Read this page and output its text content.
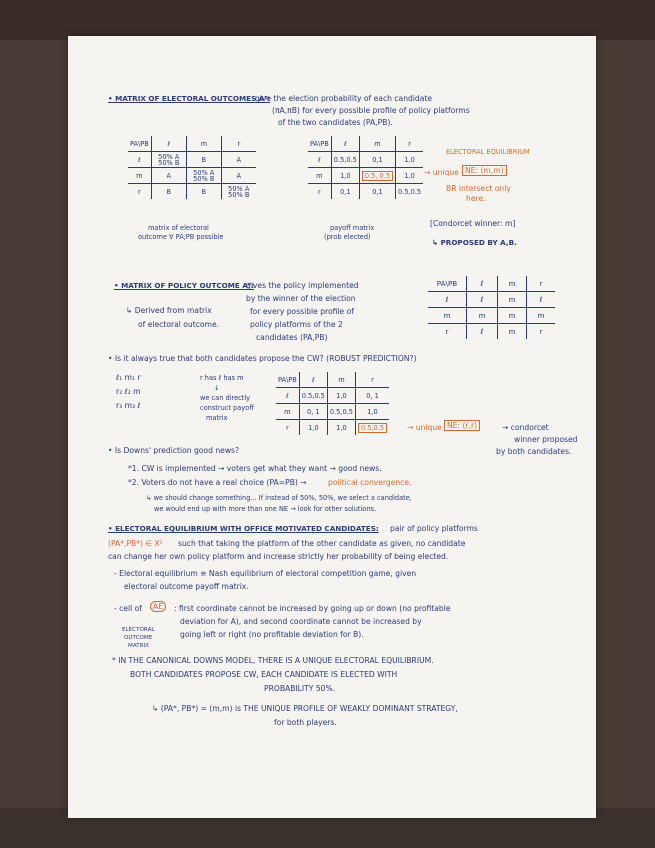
• MATRIX OF ELECTORAL OUTCOMES Aᴱ:
give the election probability of each candidate
(πA,πB) for every possible profile of policy platforms
of the two candidates (PA,PB).
PA\PB	ℓ	m	r
ℓ	50% A 50% B	B	A
m	A	50% A 50% B	A
r	B	B	50% A 50% B
matrix of electoral
outcome ∀ PA,PB possible
PA\PB	ℓ	m	r
ℓ	0.5,0.5	0,1	1,0
m	1,0	0.5, 0.5	1,0
r	0,1	0,1	0.5,0.5
payoff matrix
(prob elected)
ELECTORAL EQUILIBRIUM
→ unique NE: (m,m)
BR intersect only
here.
[Condorcet winner: m]
↳ PROPOSED BY A,B.
• MATRIX OF POLICY OUTCOME Aᴾ:
gives the policy implemented
by the winner of the election
for every possible profile of
policy platforms of the 2
candidates (PA,PB)
↳ Derived from matrix
of electoral outcome.
PA\PB	ℓ	m	r
ℓ	ℓ	m	ℓ
m	m	m	m
r	ℓ	m	r
• Is it always true that both candidates propose the CW? (ROBUST PREDICTION?)
ℓ₁ m₁ r
r₂ ℓ₂ m
r₃ m₃ ℓ
r has ℓ has m
↓
we can directly
construct payoff
matrix
PA\PB	ℓ	m	r
ℓ	0.5,0.5	1,0	0, 1
m	0, 1	0.5,0.5	1,0
r	1,0	1,0	0.5,0.5	→ unique NE: (r,r)	→ condorcet
winner proposed
by both candidates.
• Is Downs' prediction good news?
*1. CW is implemented → voters get what they want → good news.
*2. Voters do not have a real choice (PA=PB) →	political convergence.
↳ we should change something... If instead of 50%, 50%, we select a candidate,
we would end up with more than one NE → look for other solutions.
• ELECTORAL EQUILIBRIUM WITH OFFICE MOTIVATED CANDIDATES: pair of policy platforms
(PA*,PB*) ∈ X² such that taking the platform of the other candidate as given, no candidate
can change her own policy platform and increase strictly her probability of being elected.
- Electoral equilibrium ≡ Nash equilibrium of electoral competition game, given
electoral outcome payoff matrix.
- cell of	AE	: first coordinate cannot be increased by going up or down (no profitable
deviation for A), and second coordinate cannot be increased by
going left or right (no profitable deviation for B).
ELECTORAL
OUTCOME
MATRIX
* IN THE CANONICAL DOWNS MODEL, THERE IS A UNIQUE ELECTORAL EQUILIBRIUM.
BOTH CANDIDATES PROPOSE CW, EACH CANDIDATE IS ELECTED WITH
PROBABILITY 50%.
↳ (PA*, PB*) = (m,m) is THE UNIQUE PROFILE OF WEAKLY DOMINANT STRATEGY,
for both players.
